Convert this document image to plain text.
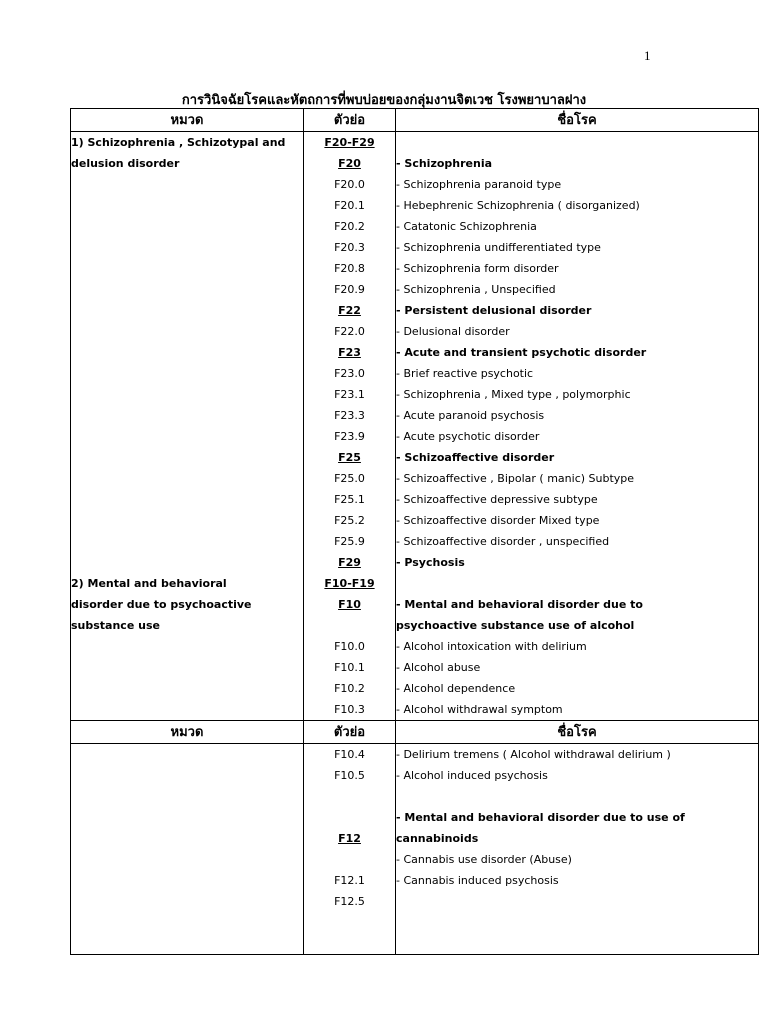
1
การวินิจฉัยโรคและหัตถการที่พบบ่อยของกลุ่มงานจิตเวช โรงพยาบาลฝาง
หมวด	ตัวย่อ	ชื่อโรค
1) Schizophrenia , Schizotypal and	F20-F29	
delusion disorder	F20	- Schizophrenia
	F20.0	- Schizophrenia paranoid type
	F20.1	- Hebephrenic Schizophrenia ( disorganized)
	F20.2	- Catatonic Schizophrenia
	F20.3	- Schizophrenia undifferentiated type
	F20.8	- Schizophrenia form disorder
	F20.9	- Schizophrenia , Unspecified
	F22	- Persistent delusional disorder
	F22.0	- Delusional disorder
	F23	- Acute and transient psychotic disorder
	F23.0	- Brief reactive psychotic
	F23.1	- Schizophrenia , Mixed type , polymorphic
	F23.3	- Acute paranoid psychosis
	F23.9	- Acute psychotic disorder
	F25	- Schizoaffective disorder
	F25.0	- Schizoaffective , Bipolar ( manic) Subtype
	F25.1	- Schizoaffective depressive subtype
	F25.2	- Schizoaffective disorder Mixed type
	F25.9	- Schizoaffective disorder , unspecified
	F29	- Psychosis
2) Mental and behavioral	F10-F19	
disorder due to psychoactive	F10	- Mental and behavioral disorder due to
substance use		psychoactive substance use of alcohol
	F10.0	- Alcohol intoxication with delirium
	F10.1	- Alcohol abuse
	F10.2	- Alcohol dependence
	F10.3	- Alcohol withdrawal symptom
หมวด	ตัวย่อ	ชื่อโรค
	F10.4	- Delirium tremens ( Alcohol withdrawal delirium )
	F10.5	- Alcohol induced psychosis

		- Mental and behavioral disorder due to use of
	F12	cannabinoids
		- Cannabis use disorder (Abuse)
	F12.1	- Cannabis induced psychosis
	F12.5	
